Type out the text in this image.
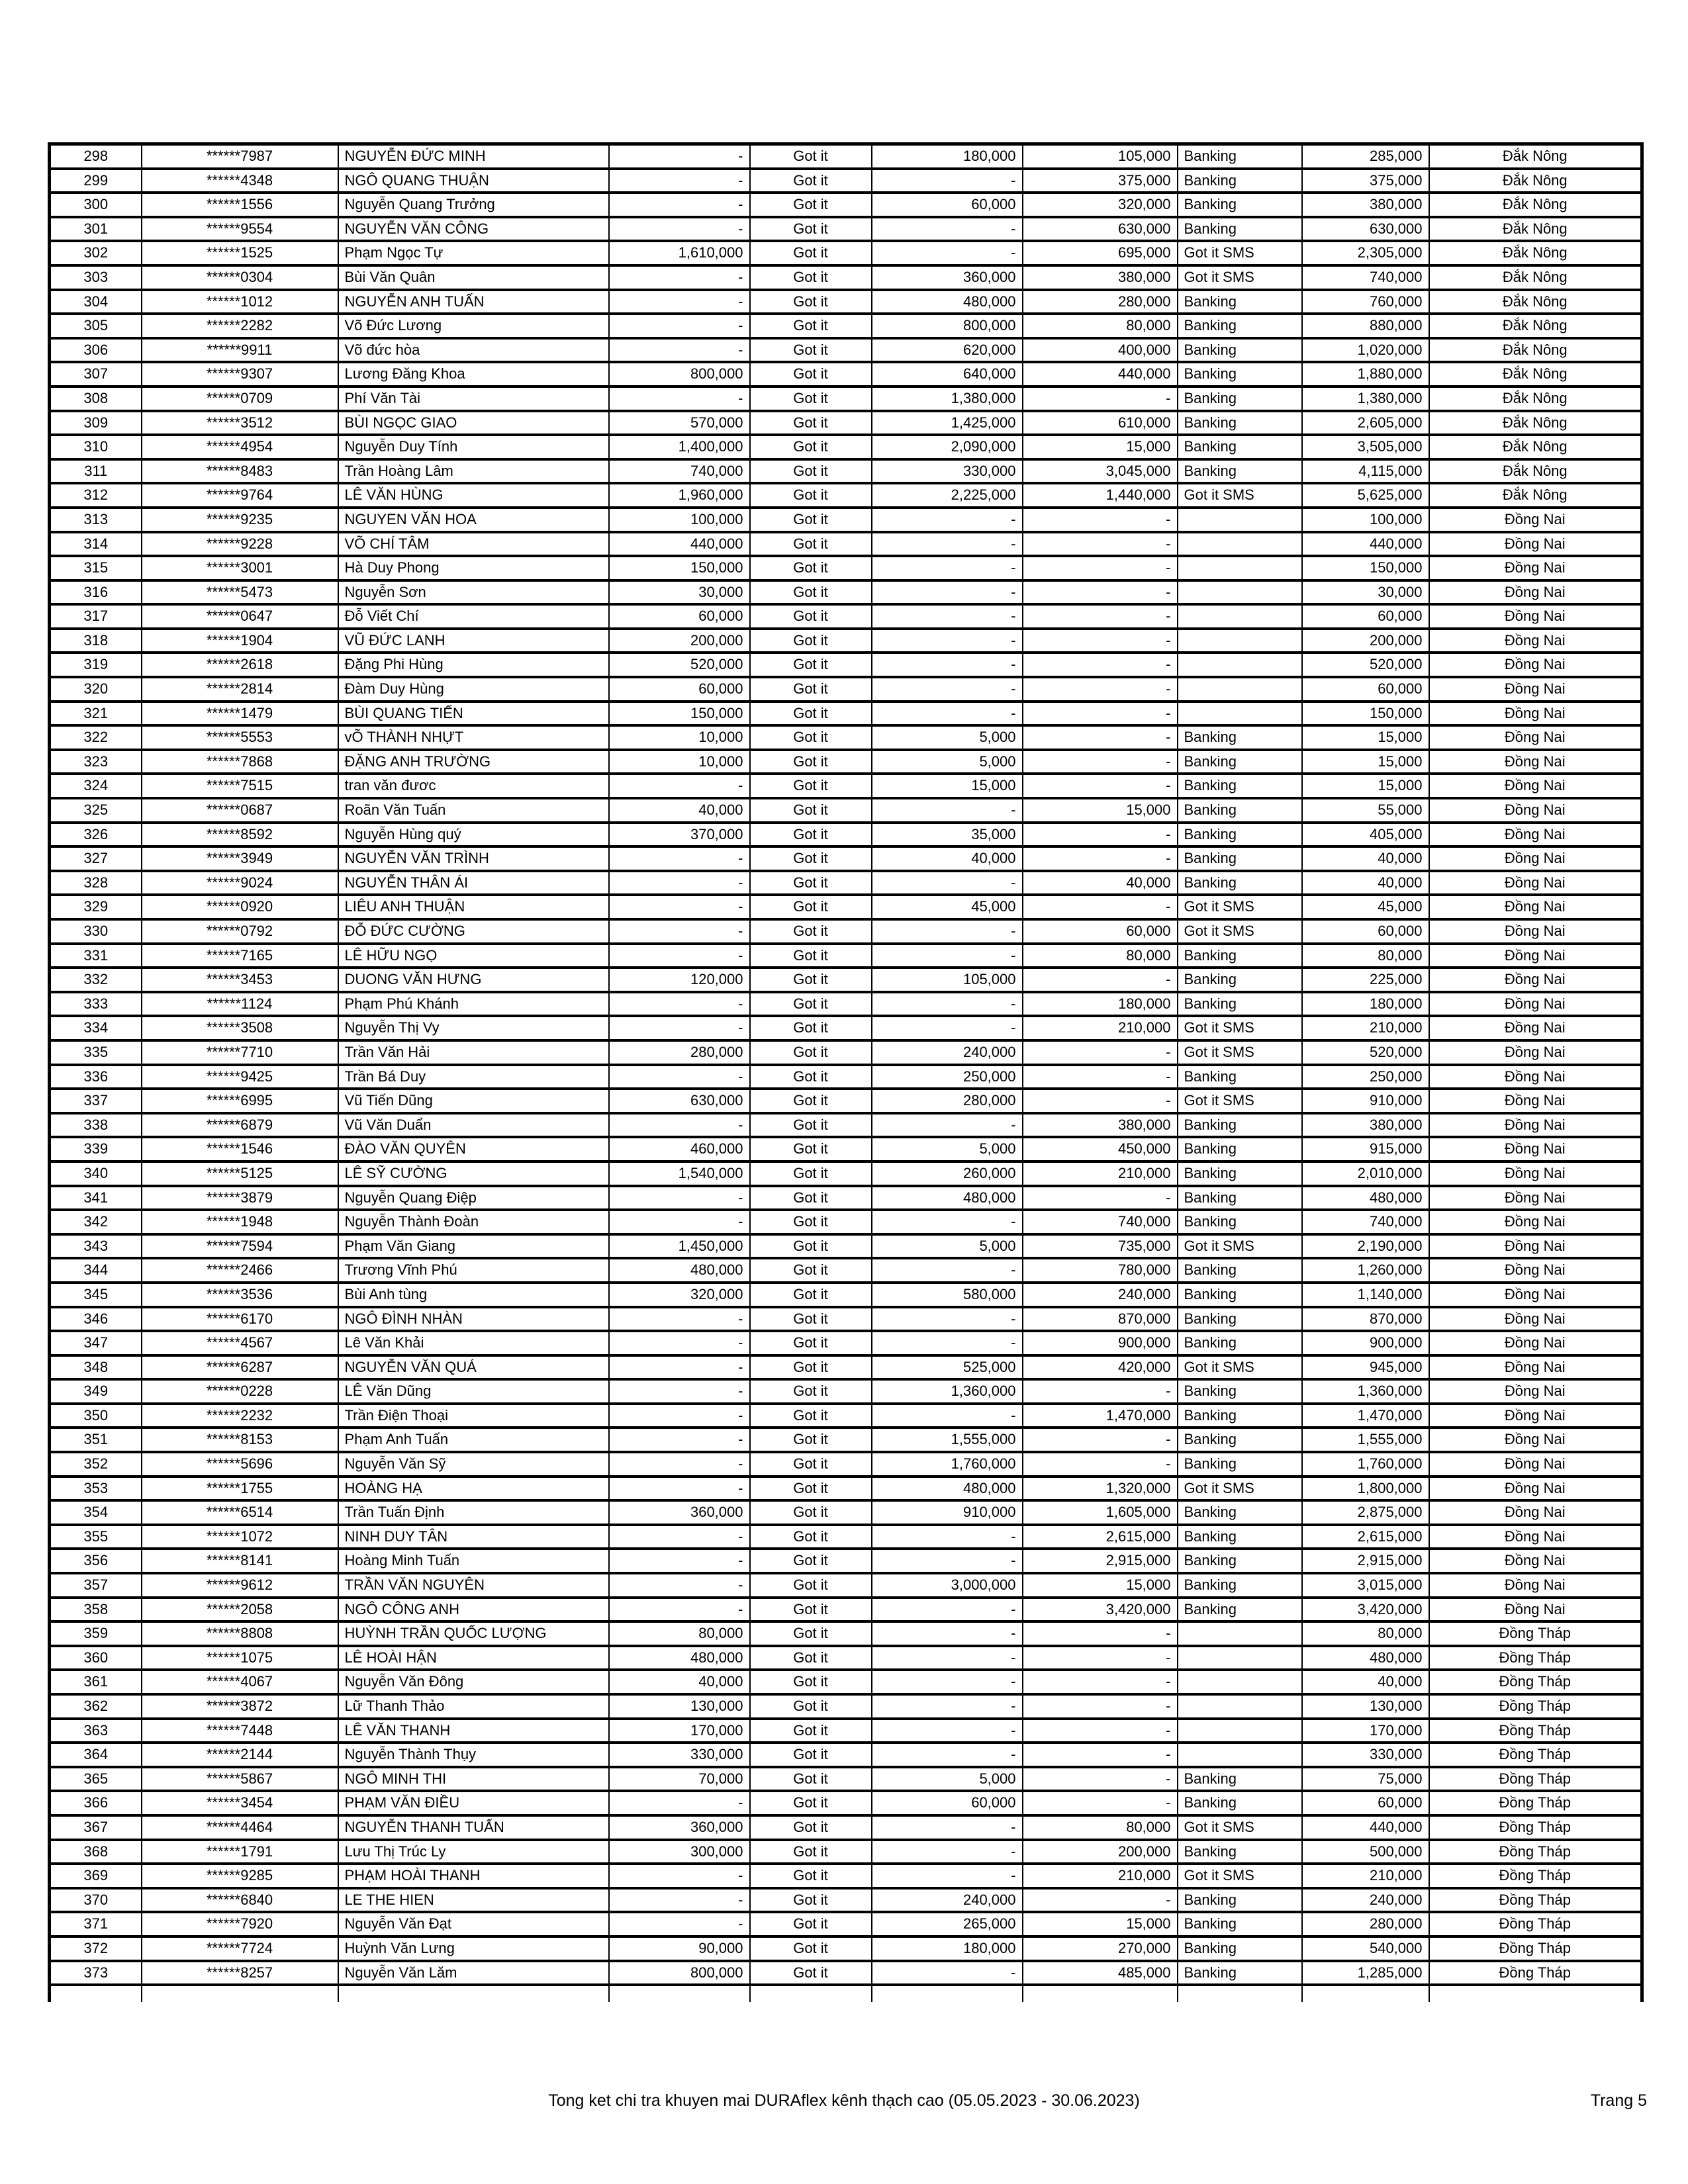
298	******7987	NGUYỄN ĐỨC MINH	-	Got it	180,000	105,000	Banking	285,000	Đắk Nông
299	******4348	NGÔ QUANG THUẬN	-	Got it	-	375,000	Banking	375,000	Đắk Nông
300	******1556	Nguyễn Quang Trưởng	-	Got it	60,000	320,000	Banking	380,000	Đắk Nông
301	******9554	NGUYỄN VĂN CÔNG	-	Got it	-	630,000	Banking	630,000	Đắk Nông
302	******1525	Phạm Ngọc Tự	1,610,000	Got it	-	695,000	Got it SMS	2,305,000	Đắk Nông
303	******0304	Bùi Văn Quân	-	Got it	360,000	380,000	Got it SMS	740,000	Đắk Nông
304	******1012	NGUYỄN ANH TUẤN	-	Got it	480,000	280,000	Banking	760,000	Đắk Nông
305	******2282	Võ Đức Lương	-	Got it	800,000	80,000	Banking	880,000	Đắk Nông
306	******9911	Võ đức hòa	-	Got it	620,000	400,000	Banking	1,020,000	Đắk Nông
307	******9307	Lương Đăng Khoa	800,000	Got it	640,000	440,000	Banking	1,880,000	Đắk Nông
308	******0709	Phí Văn Tài	-	Got it	1,380,000	-	Banking	1,380,000	Đắk Nông
309	******3512	BÙI NGỌC GIAO	570,000	Got it	1,425,000	610,000	Banking	2,605,000	Đắk Nông
310	******4954	Nguyễn Duy Tính	1,400,000	Got it	2,090,000	15,000	Banking	3,505,000	Đắk Nông
311	******8483	Trần Hoàng Lâm	740,000	Got it	330,000	3,045,000	Banking	4,115,000	Đắk Nông
312	******9764	LÊ VĂN HÙNG	1,960,000	Got it	2,225,000	1,440,000	Got it SMS	5,625,000	Đắk Nông
313	******9235	NGUYEN VĂN HOA	100,000	Got it	-	-		100,000	Đồng Nai
314	******9228	VÕ CHÍ TÂM	440,000	Got it	-	-		440,000	Đồng Nai
315	******3001	Hà Duy Phong	150,000	Got it	-	-		150,000	Đồng Nai
316	******5473	Nguyễn Sơn	30,000	Got it	-	-		30,000	Đồng Nai
317	******0647	Đỗ Viết Chí	60,000	Got it	-	-		60,000	Đồng Nai
318	******1904	VŨ ĐỨC LANH	200,000	Got it	-	-		200,000	Đồng Nai
319	******2618	Đặng Phi Hùng	520,000	Got it	-	-		520,000	Đồng Nai
320	******2814	Đàm Duy Hùng	60,000	Got it	-	-		60,000	Đồng Nai
321	******1479	BÙI QUANG TIẾN	150,000	Got it	-	-		150,000	Đồng Nai
322	******5553	vÕ THÀNH NHỰT	10,000	Got it	5,000	-	Banking	15,000	Đồng Nai
323	******7868	ĐẶNG ANH TRƯỜNG	10,000	Got it	5,000	-	Banking	15,000	Đồng Nai
324	******7515	tran văn đươc	-	Got it	15,000	-	Banking	15,000	Đồng Nai
325	******0687	Roãn Văn Tuấn	40,000	Got it	-	15,000	Banking	55,000	Đồng Nai
326	******8592	Nguyễn Hùng quý	370,000	Got it	35,000	-	Banking	405,000	Đồng Nai
327	******3949	NGUYỄN VĂN TRÌNH	-	Got it	40,000	-	Banking	40,000	Đồng Nai
328	******9024	NGUYỄN THÂN ÁI	-	Got it	-	40,000	Banking	40,000	Đồng Nai
329	******0920	LIÊU ANH THUẬN	-	Got it	45,000	-	Got it SMS	45,000	Đồng Nai
330	******0792	ĐỖ ĐỨC CƯỜNG	-	Got it	-	60,000	Got it SMS	60,000	Đồng Nai
331	******7165	LÊ HỮU NGỌ	-	Got it	-	80,000	Banking	80,000	Đồng Nai
332	******3453	DUONG VĂN HƯNG	120,000	Got it	105,000	-	Banking	225,000	Đồng Nai
333	******1124	Phạm Phú Khánh	-	Got it	-	180,000	Banking	180,000	Đồng Nai
334	******3508	Nguyễn Thị Vy	-	Got it	-	210,000	Got it SMS	210,000	Đồng Nai
335	******7710	Trần Văn Hải	280,000	Got it	240,000	-	Got it SMS	520,000	Đồng Nai
336	******9425	Trần Bá Duy	-	Got it	250,000	-	Banking	250,000	Đồng Nai
337	******6995	Vũ Tiến Dũng	630,000	Got it	280,000	-	Got it SMS	910,000	Đồng Nai
338	******6879	Vũ Văn Duẩn	-	Got it	-	380,000	Banking	380,000	Đồng Nai
339	******1546	ĐÀO VĂN QUYÊN	460,000	Got it	5,000	450,000	Banking	915,000	Đồng Nai
340	******5125	LÊ SỸ CƯỜNG	1,540,000	Got it	260,000	210,000	Banking	2,010,000	Đồng Nai
341	******3879	Nguyễn Quang Điệp	-	Got it	480,000	-	Banking	480,000	Đồng Nai
342	******1948	Nguyễn Thành Đoàn	-	Got it	-	740,000	Banking	740,000	Đồng Nai
343	******7594	Phạm Văn Giang	1,450,000	Got it	5,000	735,000	Got it SMS	2,190,000	Đồng Nai
344	******2466	Trương Vĩnh Phú	480,000	Got it	-	780,000	Banking	1,260,000	Đồng Nai
345	******3536	Bùi Anh tùng	320,000	Got it	580,000	240,000	Banking	1,140,000	Đồng Nai
346	******6170	NGÔ ĐÌNH NHÀN	-	Got it	-	870,000	Banking	870,000	Đồng Nai
347	******4567	Lê Văn Khải	-	Got it	-	900,000	Banking	900,000	Đồng Nai
348	******6287	NGUYỄN VĂN QUÁ	-	Got it	525,000	420,000	Got it SMS	945,000	Đồng Nai
349	******0228	LÊ Văn Dũng	-	Got it	1,360,000	-	Banking	1,360,000	Đồng Nai
350	******2232	Trần Điện Thoại	-	Got it	-	1,470,000	Banking	1,470,000	Đồng Nai
351	******8153	Phạm Anh Tuấn	-	Got it	1,555,000	-	Banking	1,555,000	Đồng Nai
352	******5696	Nguyễn Văn Sỹ	-	Got it	1,760,000	-	Banking	1,760,000	Đồng Nai
353	******1755	HOÀNG HẠ	-	Got it	480,000	1,320,000	Got it SMS	1,800,000	Đồng Nai
354	******6514	Trần Tuấn Định	360,000	Got it	910,000	1,605,000	Banking	2,875,000	Đồng Nai
355	******1072	NINH DUY TÂN	-	Got it	-	2,615,000	Banking	2,615,000	Đồng Nai
356	******8141	Hoàng Minh Tuấn	-	Got it	-	2,915,000	Banking	2,915,000	Đồng Nai
357	******9612	TRẦN VĂN NGUYÊN	-	Got it	3,000,000	15,000	Banking	3,015,000	Đồng Nai
358	******2058	NGÔ CÔNG ANH	-	Got it	-	3,420,000	Banking	3,420,000	Đồng Nai
359	******8808	HUỲNH TRẦN QUỐC LƯỢNG	80,000	Got it	-	-		80,000	Đồng Tháp
360	******1075	LÊ HOÀI HẬN	480,000	Got it	-	-		480,000	Đồng Tháp
361	******4067	Nguyễn Văn Đông	40,000	Got it	-	-		40,000	Đồng Tháp
362	******3872	Lữ Thanh Thảo	130,000	Got it	-	-		130,000	Đồng Tháp
363	******7448	LÊ VĂN THANH	170,000	Got it	-	-		170,000	Đồng Tháp
364	******2144	Nguyễn Thành Thụy	330,000	Got it	-	-		330,000	Đồng Tháp
365	******5867	NGÔ MINH THI	70,000	Got it	5,000	-	Banking	75,000	Đồng Tháp
366	******3454	PHẠM VĂN ĐIỀU	-	Got it	60,000	-	Banking	60,000	Đồng Tháp
367	******4464	NGUYỄN THANH TUẤN	360,000	Got it	-	80,000	Got it SMS	440,000	Đồng Tháp
368	******1791	Lưu Thị Trúc Ly	300,000	Got it	-	200,000	Banking	500,000	Đồng Tháp
369	******9285	PHẠM HOÀI THANH	-	Got it	-	210,000	Got it SMS	210,000	Đồng Tháp
370	******6840	LE THE HIEN	-	Got it	240,000	-	Banking	240,000	Đồng Tháp
371	******7920	Nguyễn Văn Đạt	-	Got it	265,000	15,000	Banking	280,000	Đồng Tháp
372	******7724	Huỳnh Văn Lưng	90,000	Got it	180,000	270,000	Banking	540,000	Đồng Tháp
373	******8257	Nguyễn Văn Lăm	800,000	Got it	-	485,000	Banking	1,285,000	Đồng Tháp

Tong ket chi tra khuyen mai DURAflex kênh thạch cao (05.05.2023 - 30.06.2023)	Trang 5
